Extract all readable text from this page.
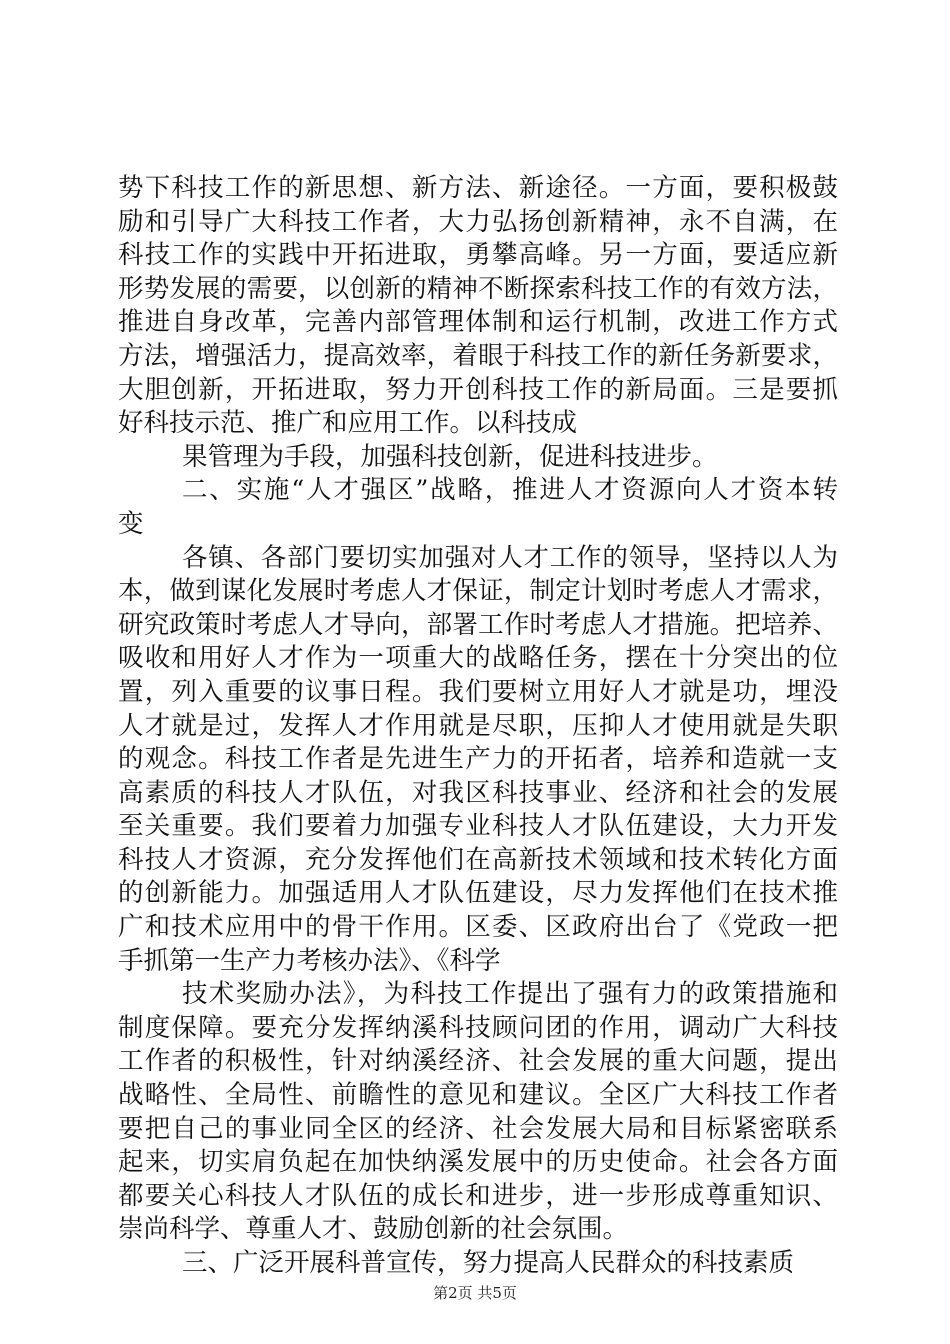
势下科技工作的新思想、新方法、新途径。一方面，要积极鼓
励和引导广大科技工作者，大力弘扬创新精神，永不自满，在
科技工作的实践中开拓进取，勇攀高峰。另一方面，要适应新
形势发展的需要，以创新的精神不断探索科技工作的有效方法，
推进自身改革，完善内部管理体制和运行机制，改进工作方式
方法，增强活力，提高效率，着眼于科技工作的新任务新要求，
大胆创新，开拓进取，努力开创科技工作的新局面。三是要抓
好科技示范、推广和应用工作。以科技成
果管理为手段，加强科技创新，促进科技进步。
二、实施“人才强区”战略，推进人才资源向人才资本转
变
各镇、各部门要切实加强对人才工作的领导，坚持以人为
本，做到谋化发展时考虑人才保证，制定计划时考虑人才需求，
研究政策时考虑人才导向，部署工作时考虑人才措施。把培养、
吸收和用好人才作为一项重大的战略任务，摆在十分突出的位
置，列入重要的议事日程。我们要树立用好人才就是功，埋没
人才就是过，发挥人才作用就是尽职，压抑人才使用就是失职
的观念。科技工作者是先进生产力的开拓者，培养和造就一支
高素质的科技人才队伍，对我区科技事业、经济和社会的发展
至关重要。我们要着力加强专业科技人才队伍建设，大力开发
科技人才资源，充分发挥他们在高新技术领域和技术转化方面
的创新能力。加强适用人才队伍建设，尽力发挥他们在技术推
广和技术应用中的骨干作用。区委、区政府出台了《党政一把
手抓第一生产力考核办法》、《科学
技术奖励办法》，为科技工作提出了强有力的政策措施和
制度保障。要充分发挥纳溪科技顾问团的作用，调动广大科技
工作者的积极性，针对纳溪经济、社会发展的重大问题，提出
战略性、全局性、前瞻性的意见和建议。全区广大科技工作者
要把自己的事业同全区的经济、社会发展大局和目标紧密联系
起来，切实肩负起在加快纳溪发展中的历史使命。社会各方面
都要关心科技人才队伍的成长和进步，进一步形成尊重知识、
崇尚科学、尊重人才、鼓励创新的社会氛围。
三、广泛开展科普宣传，努力提高人民群众的科技素质
第2页 共5页
